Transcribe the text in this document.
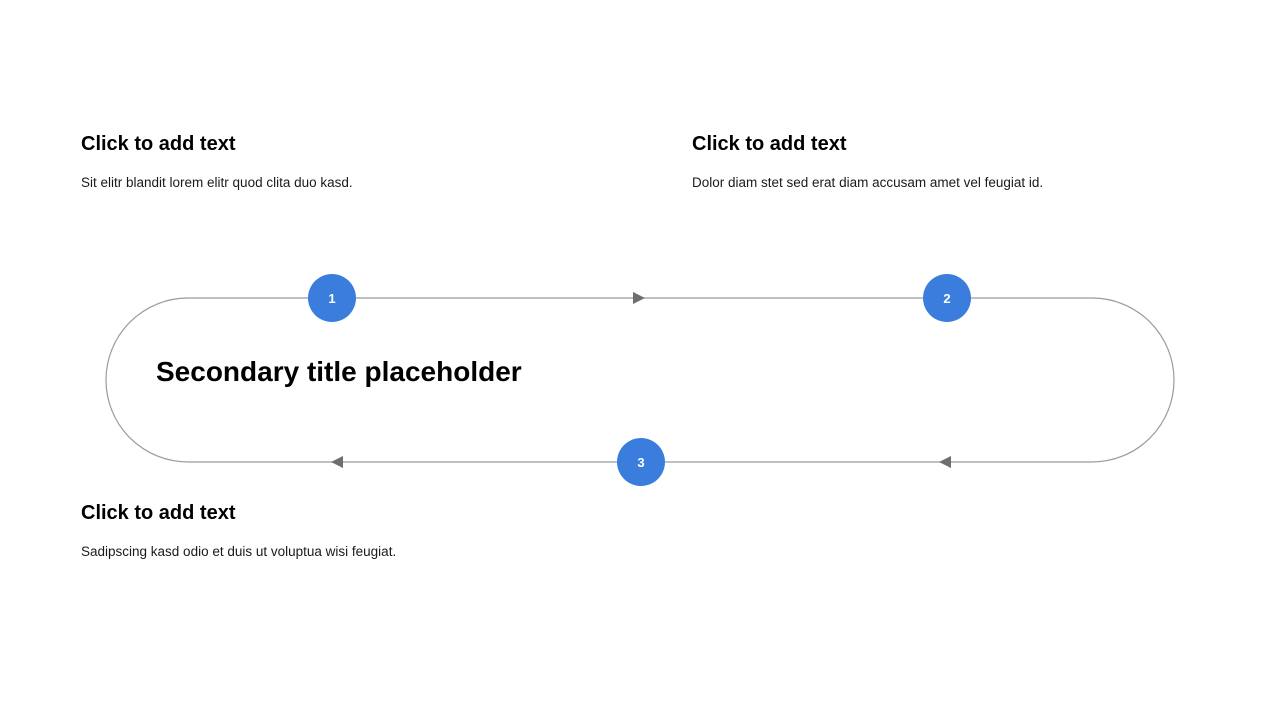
Click to add text
Sit elitr blandit lorem elitr quod clita duo kasd.
Click to add text
Dolor diam stet sed erat diam accusam amet vel feugiat id.
Click to add text
Sadipscing kasd odio et duis ut voluptua wisi feugiat.
Secondary title placeholder
1	2
3
